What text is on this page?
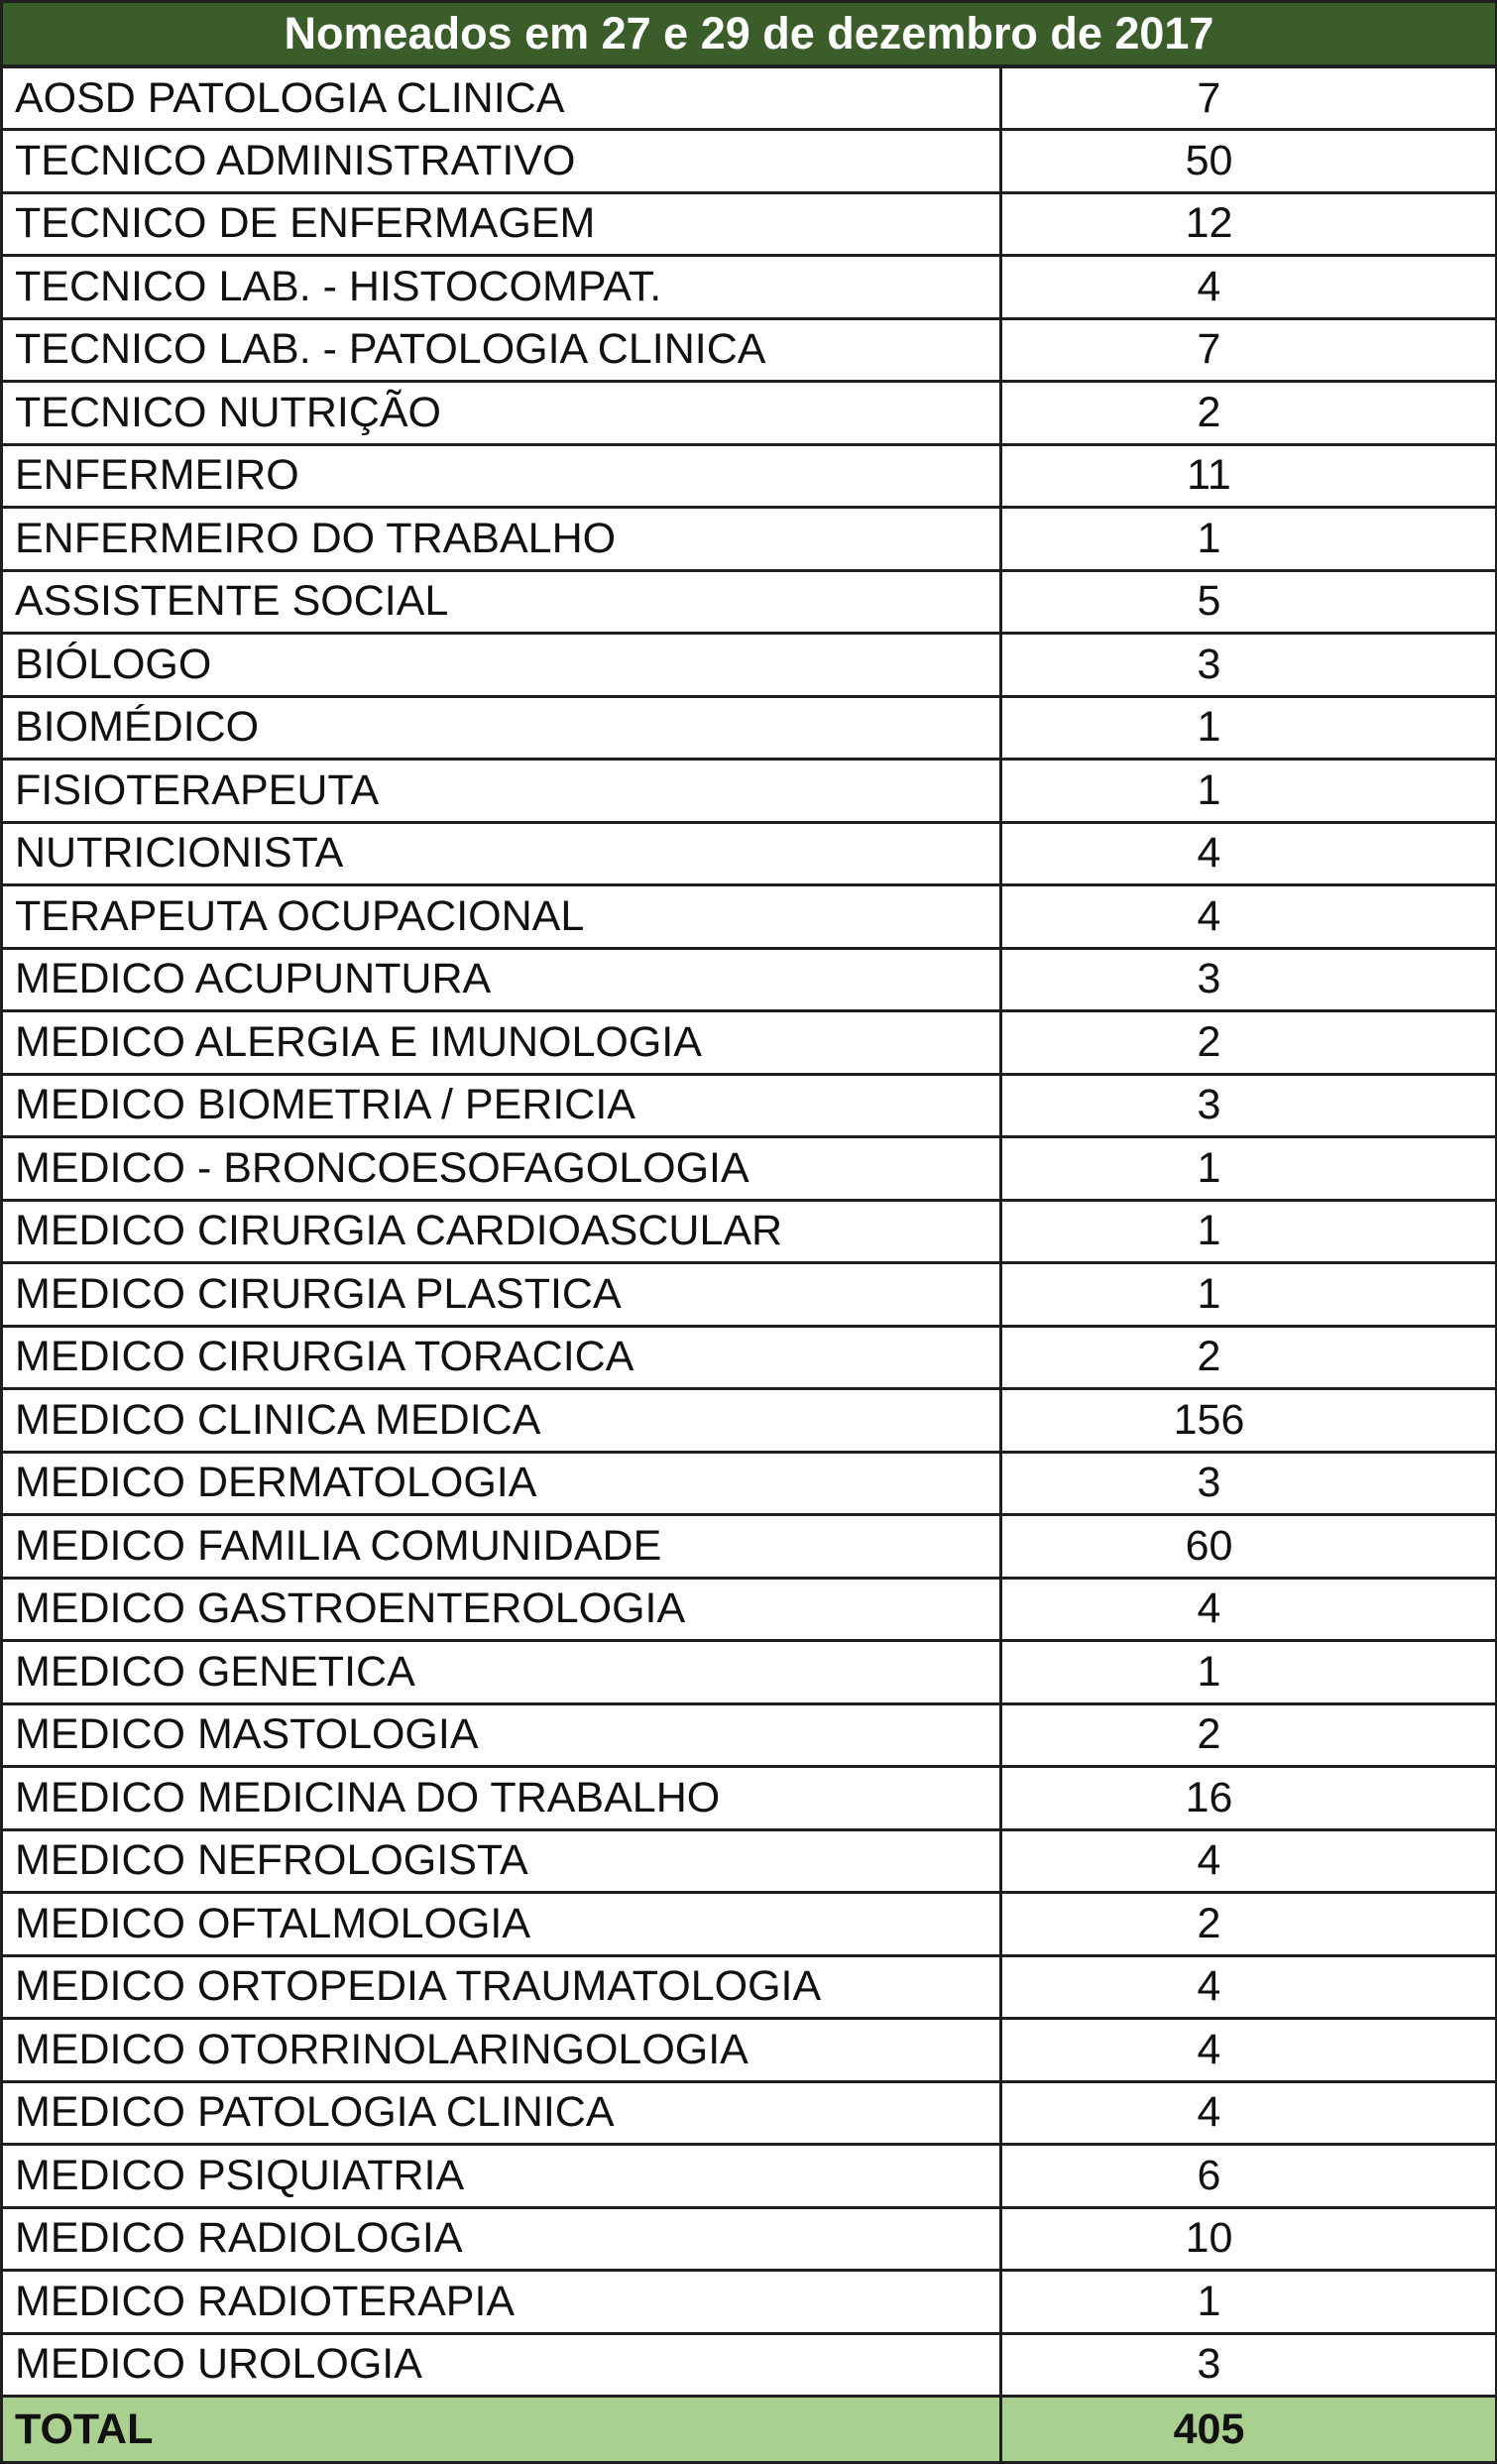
Nomeados em 27 e 29 de dezembro de 2017	
AOSD PATOLOGIA CLINICA	7
TECNICO ADMINISTRATIVO	50
TECNICO DE ENFERMAGEM	12
TECNICO LAB. - HISTOCOMPAT.	4
TECNICO LAB. - PATOLOGIA CLINICA	7
TECNICO NUTRIÇÃO	2
ENFERMEIRO	11
ENFERMEIRO DO TRABALHO	1
ASSISTENTE SOCIAL	5
BIÓLOGO	3
BIOMÉDICO	1
FISIOTERAPEUTA	1
NUTRICIONISTA	4
TERAPEUTA OCUPACIONAL	4
MEDICO ACUPUNTURA	3
MEDICO ALERGIA E IMUNOLOGIA	2
MEDICO BIOMETRIA / PERICIA	3
MEDICO - BRONCOESOFAGOLOGIA	1
MEDICO CIRURGIA CARDIOASCULAR	1
MEDICO CIRURGIA PLASTICA	1
MEDICO CIRURGIA TORACICA	2
MEDICO CLINICA MEDICA	156
MEDICO DERMATOLOGIA	3
MEDICO FAMILIA COMUNIDADE	60
MEDICO GASTROENTEROLOGIA	4
MEDICO GENETICA	1
MEDICO MASTOLOGIA	2
MEDICO MEDICINA DO TRABALHO	16
MEDICO NEFROLOGISTA	4
MEDICO OFTALMOLOGIA	2
MEDICO ORTOPEDIA TRAUMATOLOGIA	4
MEDICO OTORRINOLARINGOLOGIA	4
MEDICO PATOLOGIA CLINICA	4
MEDICO PSIQUIATRIA	6
MEDICO RADIOLOGIA	10
MEDICO RADIOTERAPIA	1
MEDICO UROLOGIA	3
TOTAL	405
